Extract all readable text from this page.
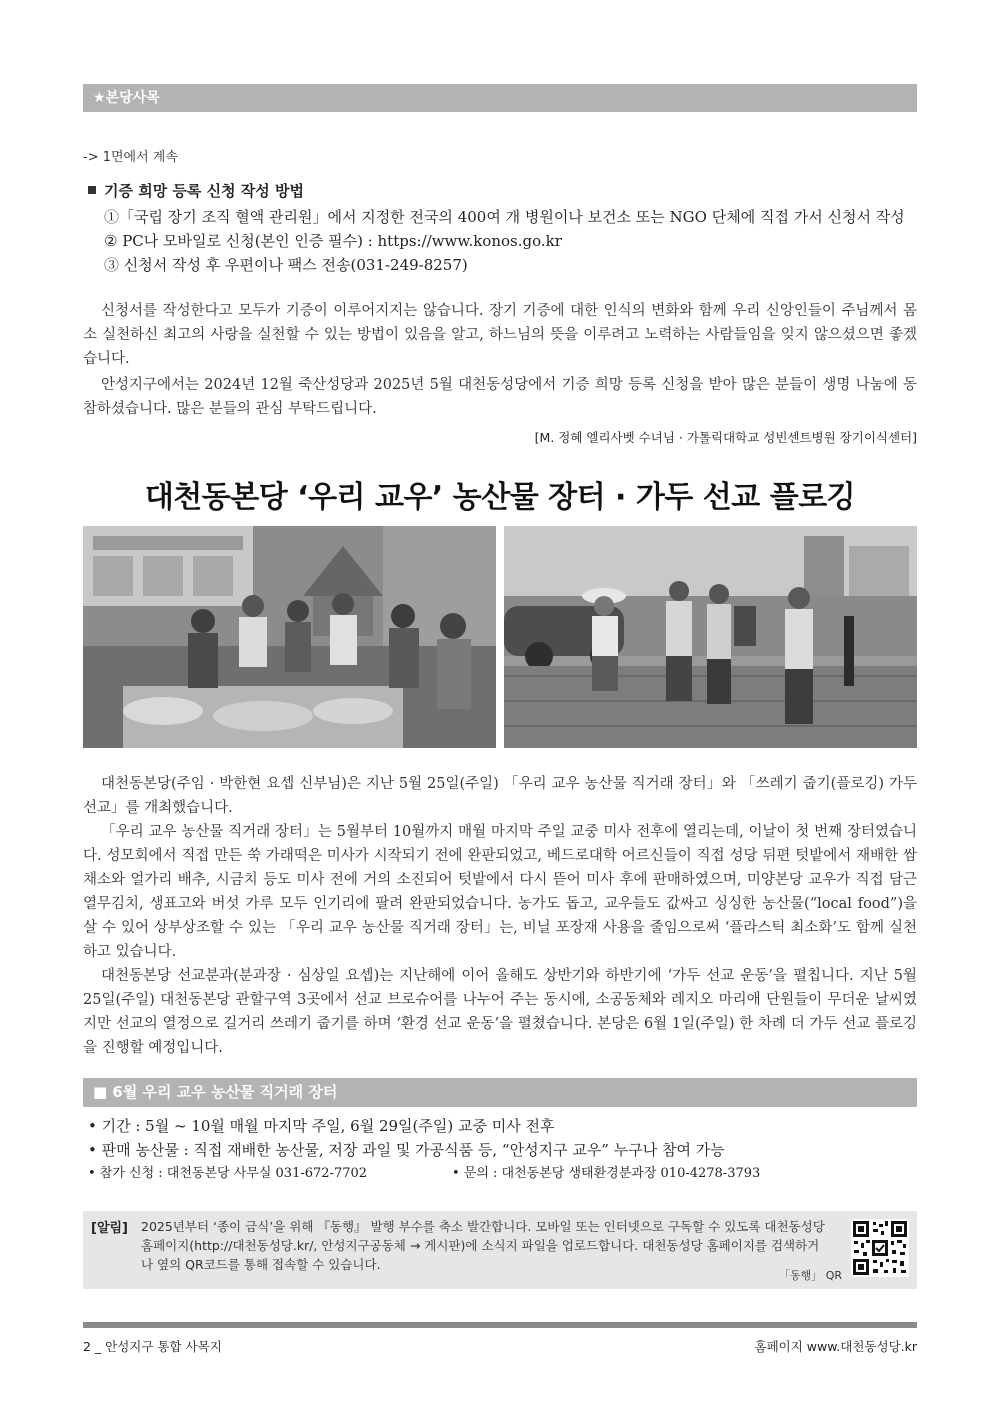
★본당사목
-> 1면에서 계속
기증 희망 등록 신청 작성 방법
①「국립 장기 조직 혈액 관리원」에서 지정한 전국의 400여 개 병원이나 보건소 또는 NGO 단체에 직접 가서 신청서 작성
② PC나 모바일로 신청(본인 인증 필수) : https://www.konos.go.kr
③ 신청서 작성 후 우편이나 팩스 전송(031-249-8257)

신청서를 작성한다고 모두가 기증이 이루어지지는 않습니다. 장기 기증에 대한 인식의 변화와 함께 우리 신앙인들이 주님께서 몸소 실천하신 최고의 사랑을 실천할 수 있는 방법이 있음을 알고, 하느님의 뜻을 이루려고 노력하는 사람들임을 잊지 않으셨으면 좋겠습니다.

안성지구에서는 2024년 12월 죽산성당과 2025년 5월 대천동성당에서 기증 희망 등록 신청을 받아 많은 분들이 생명 나눔에 동참하셨습니다. 많은 분들의 관심 부탁드립니다.

[M. 정혜 엘리사벳 수녀님 · 가톨릭대학교 성빈센트병원 장기이식센터]
대천동본당 ‘우리 교우’ 농산물 장터 · 가두 선교 플로깅

대천동본당(주임 · 박한현 요셉 신부님)은 지난 5월 25일(주일) 「우리 교우 농산물 직거래 장터」와 「쓰레기 줍기(플로깅) 가두 선교」를 개최했습니다.

「우리 교우 농산물 직거래 장터」는 5월부터 10월까지 매월 마지막 주일 교중 미사 전후에 열리는데, 이날이 첫 번째 장터였습니다. 성모회에서 직접 만든 쑥 가래떡은 미사가 시작되기 전에 완판되었고, 베드로대학 어르신들이 직접 성당 뒤편 텃밭에서 재배한 쌈 채소와 얼가리 배추, 시금치 등도 미사 전에 거의 소진되어 텃밭에서 다시 뜯어 미사 후에 판매하였으며, 미양본당 교우가 직접 담근 열무김치, 생표고와 버섯 가루 모두 인기리에 팔려 완판되었습니다. 농가도 돕고, 교우들도 값싸고 싱싱한 농산물(“local food”)을 살 수 있어 상부상조할 수 있는 「우리 교우 농산물 직거래 장터」는, 비닐 포장재 사용을 줄임으로써 ‘플라스틱 최소화’도 함께 실천하고 있습니다.

대천동본당 선교분과(분과장 · 심상일 요셉)는 지난해에 이어 올해도 상반기와 하반기에 ‘가두 선교 운동’을 펼칩니다. 지난 5월 25일(주일) 대천동본당 관할구역 3곳에서 선교 브로슈어를 나누어 주는 동시에, 소공동체와 레지오 마리애 단원들이 무더운 날씨였지만 선교의 열정으로 길거리 쓰레기 줍기를 하며 ‘환경 선교 운동’을 펼쳤습니다. 본당은 6월 1일(주일) 한 차례 더 가두 선교 플로깅을 진행할 예정입니다.

■ 6월 우리 교우 농산물 직거래 장터
• 기간 : 5월 ~ 10월 매월 마지막 주일, 6월 29일(주일) 교중 미사 전후
• 판매 농산물 : 직접 재배한 농산물, 저장 과일 및 가공식품 등, “안성지구 교우” 누구나 참여 가능
• 참가 신청 : 대천동본당 사무실 031-672-7702	• 문의 : 대천동본당 생태환경분과장 010-4278-3793
[알림] 2025년부터 ‘종이 금식’을 위해 『동행』 발행 부수를 축소 발간합니다. 모바일 또는 인터넷으로 구독할 수 있도록 대천동성당 홈페이지(http://대천동성당.kr/, 안성지구공동체 → 게시판)에 소식지 파일을 업로드합니다. 대천동성당 홈페이지를 검색하거나 옆의 QR코드를 통해 접속할 수 있습니다.
「동행」 QR
2 _ 안성지구 통합 사목지	홈페이지 www.대천동성당.kr
